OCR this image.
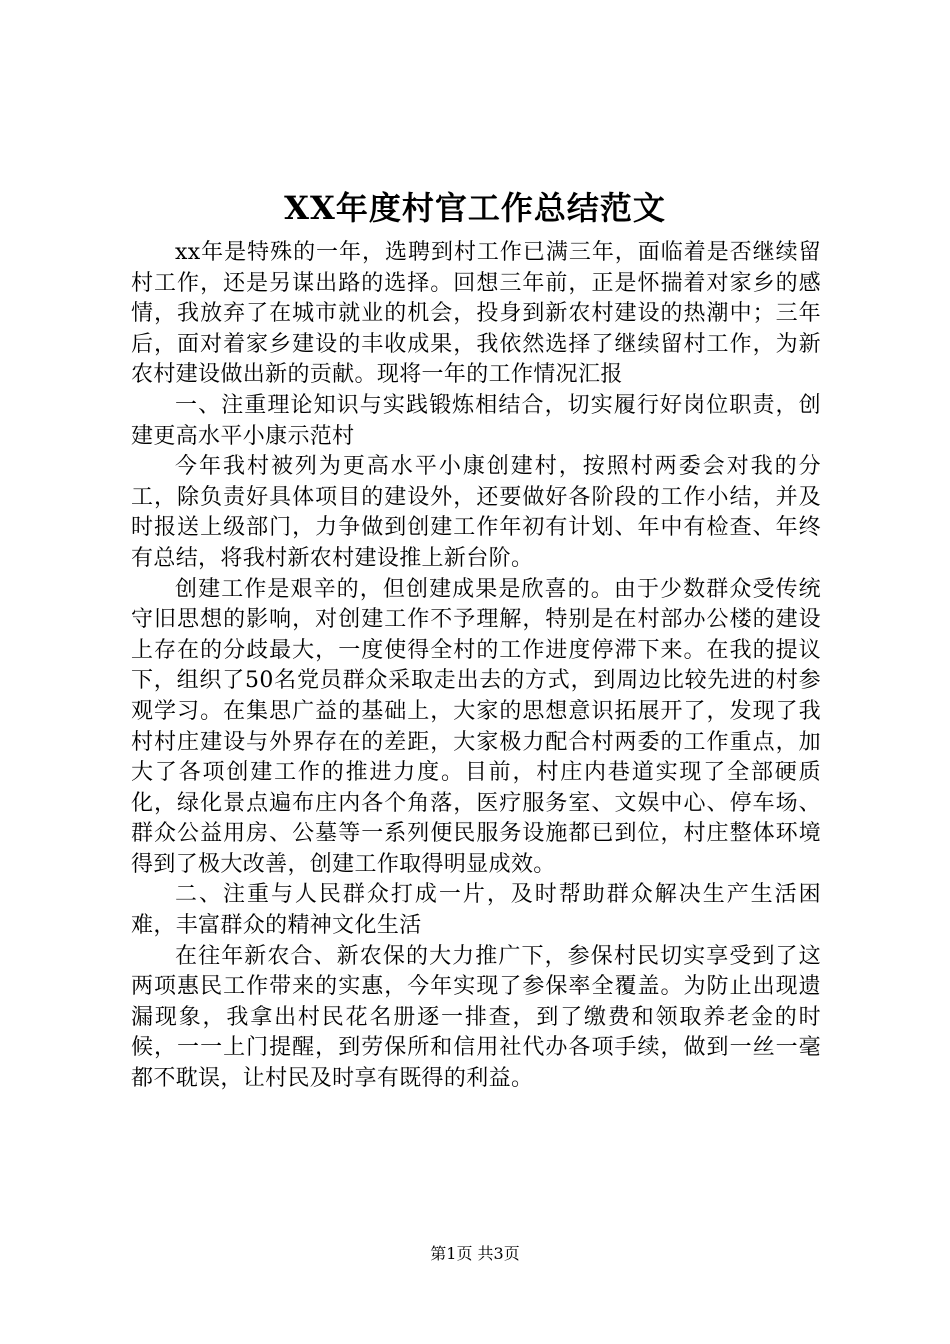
XX年度村官工作总结范文

xx年是特殊的一年，选聘到村工作已满三年，面临着是否继续留村工作，还是另谋出路的选择。回想三年前，正是怀揣着对家乡的感情，我放弃了在城市就业的机会，投身到新农村建设的热潮中；三年后，面对着家乡建设的丰收成果，我依然选择了继续留村工作，为新农村建设做出新的贡献。现将一年的工作情况汇报

一、注重理论知识与实践锻炼相结合，切实履行好岗位职责，创建更高水平小康示范村

今年我村被列为更高水平小康创建村，按照村两委会对我的分工，除负责好具体项目的建设外，还要做好各阶段的工作小结，并及时报送上级部门，力争做到创建工作年初有计划、年中有检查、年终有总结，将我村新农村建设推上新台阶。

创建工作是艰辛的，但创建成果是欣喜的。由于少数群众受传统守旧思想的影响，对创建工作不予理解，特别是在村部办公楼的建设上存在的分歧最大，一度使得全村的工作进度停滞下来。在我的提议下，组织了50名党员群众采取走出去的方式，到周边比较先进的村参观学习。在集思广益的基础上，大家的思想意识拓展开了，发现了我村村庄建设与外界存在的差距，大家极力配合村两委的工作重点，加大了各项创建工作的推进力度。目前，村庄内巷道实现了全部硬质化，绿化景点遍布庄内各个角落，医疗服务室、文娱中心、停车场、群众公益用房、公墓等一系列便民服务设施都已到位，村庄整体环境得到了极大改善，创建工作取得明显成效。

二、注重与人民群众打成一片，及时帮助群众解决生产生活困难，丰富群众的精神文化生活

在往年新农合、新农保的大力推广下，参保村民切实享受到了这两项惠民工作带来的实惠，今年实现了参保率全覆盖。为防止出现遗漏现象，我拿出村民花名册逐一排查，到了缴费和领取养老金的时候，一一上门提醒，到劳保所和信用社代办各项手续，做到一丝一毫都不耽误，让村民及时享有既得的利益。

第1页 共3页
